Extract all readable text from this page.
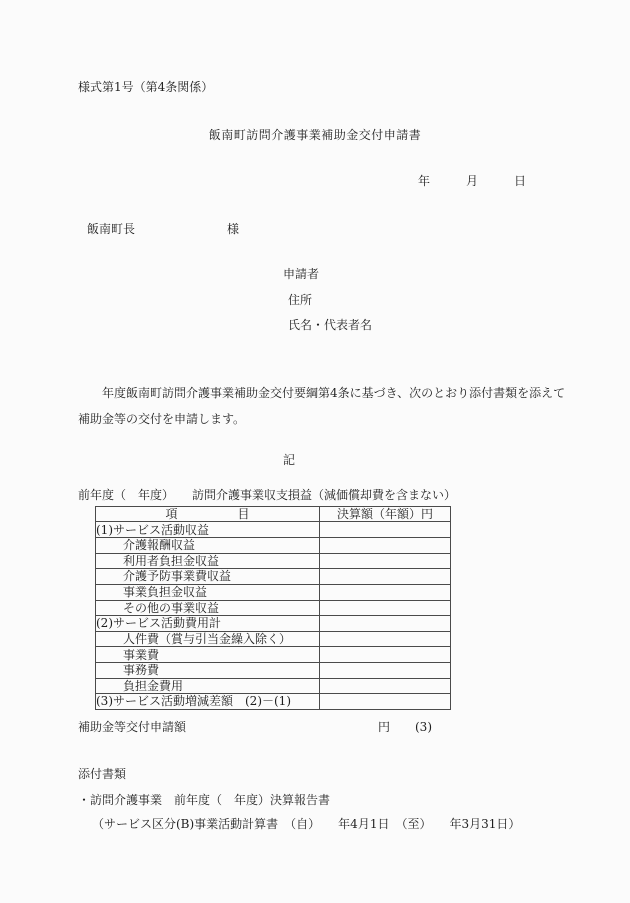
様式第1号（第4条関係）
飯南町訪問介護事業補助金交付申請書
年　　　月　　　日
飯南町長	様
申請者
住所
氏名・代表者名
　　年度飯南町訪問介護事業補助金交付要綱第4条に基づき、次のとおり添付書類を添えて
補助金等の交付を申請します。
記
前年度（　年度）　　訪問介護事業収支損益（減価償却費を含まない）
項　　　　　目	決算額（年額）円
(1)サービス活動収益	
介護報酬収益	
利用者負担金収益	
介護予防事業費収益	
事業負担金収益	
その他の事業収益	
(2)サービス活動費用計	
人件費（賞与引当金繰入除く）	
事業費	
事務費	
負担金費用	
(3)サービス活動増減差額　(2)－(1)	
補助金等交付申請額	円 (3)
添付書類
・訪問介護事業　前年度（　年度）決算報告書
（サービス区分(B)事業活動計算書　（自）　　年4月1日　（至）　　年3月31日）
